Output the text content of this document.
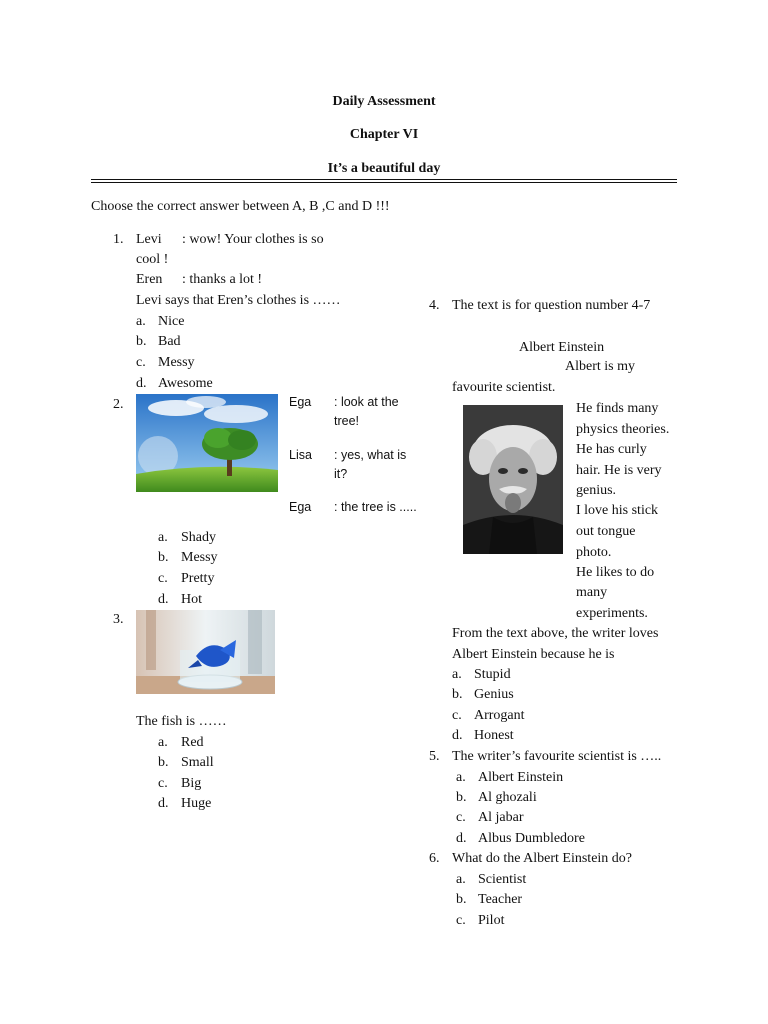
Daily Assessment
Chapter VI
It’s a beautiful day
Choose the correct answer between A, B ,C and D !!!
1. Levi : wow! Your clothes is so
cool !
Eren : thanks a lot !
Levi says that Eren’s clothes is ……
a. Nice
b. Bad
c. Messy
d. Awesome
2.	Ega : look at the
tree!
Lisa : yes, what is
it?
Ega : the tree is .....
a. Shady
b. Messy
c. Pretty
d. Hot
3.
The fish is ……
a. Red
b. Small
c. Big
d. Huge
4. The text is for question number 4-7
Albert Einstein
Albert is my
favourite scientist.
He finds many
physics theories.
He has curly
hair. He is very
genius.
I love his stick
out tongue
photo.
He likes to do
many
experiments.
From the text above, the writer loves
Albert Einstein because he is
a. Stupid
b. Genius
c. Arrogant
d. Honest
5. The writer’s favourite scientist is …..
a. Albert Einstein
b. Al ghozali
c. Al jabar
d. Albus Dumbledore
6. What do the Albert Einstein do?
a. Scientist
b. Teacher
c. Pilot
